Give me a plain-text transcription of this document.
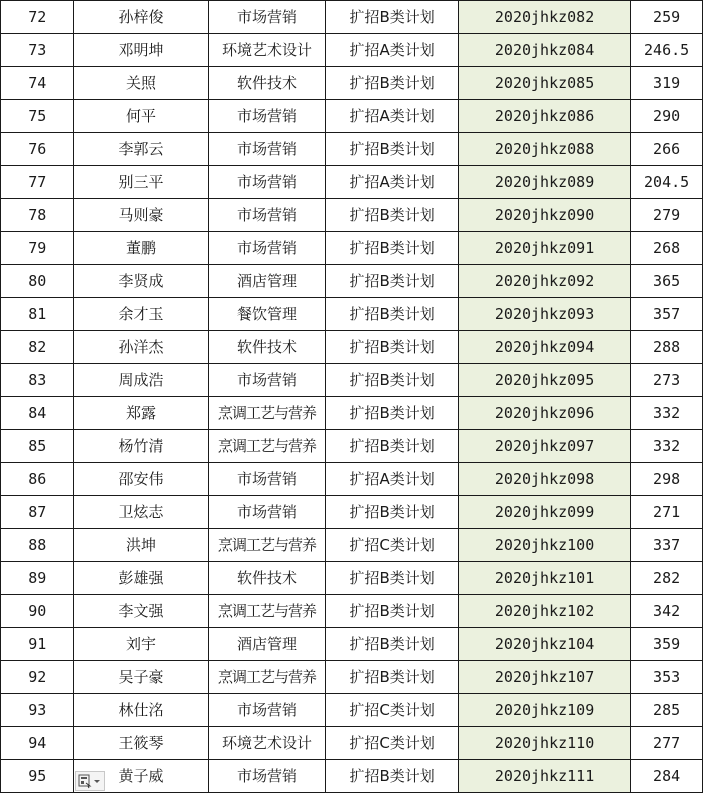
72	孙梓俊	市场营销	扩招B类计划	2020jhkz082	259
73	邓明坤	环境艺术设计	扩招A类计划	2020jhkz084	246.5
74	关照	软件技术	扩招B类计划	2020jhkz085	319
75	何平	市场营销	扩招A类计划	2020jhkz086	290
76	李郭云	市场营销	扩招B类计划	2020jhkz088	266
77	别三平	市场营销	扩招A类计划	2020jhkz089	204.5
78	马则豪	市场营销	扩招B类计划	2020jhkz090	279
79	董鹏	市场营销	扩招B类计划	2020jhkz091	268
80	李贤成	酒店管理	扩招B类计划	2020jhkz092	365
81	余才玉	餐饮管理	扩招B类计划	2020jhkz093	357
82	孙洋杰	软件技术	扩招B类计划	2020jhkz094	288
83	周成浩	市场营销	扩招B类计划	2020jhkz095	273
84	郑露	烹调工艺与营养	扩招B类计划	2020jhkz096	332
85	杨竹清	烹调工艺与营养	扩招B类计划	2020jhkz097	332
86	邵安伟	市场营销	扩招A类计划	2020jhkz098	298
87	卫炫志	市场营销	扩招B类计划	2020jhkz099	271
88	洪坤	烹调工艺与营养	扩招C类计划	2020jhkz100	337
89	彭雄强	软件技术	扩招B类计划	2020jhkz101	282
90	李文强	烹调工艺与营养	扩招B类计划	2020jhkz102	342
91	刘宇	酒店管理	扩招B类计划	2020jhkz104	359
92	吴子豪	烹调工艺与营养	扩招B类计划	2020jhkz107	353
93	林仕洺	市场营销	扩招C类计划	2020jhkz109	285
94	王筱琴	环境艺术设计	扩招C类计划	2020jhkz110	277
95	黄子威	市场营销	扩招B类计划	2020jhkz111	284
